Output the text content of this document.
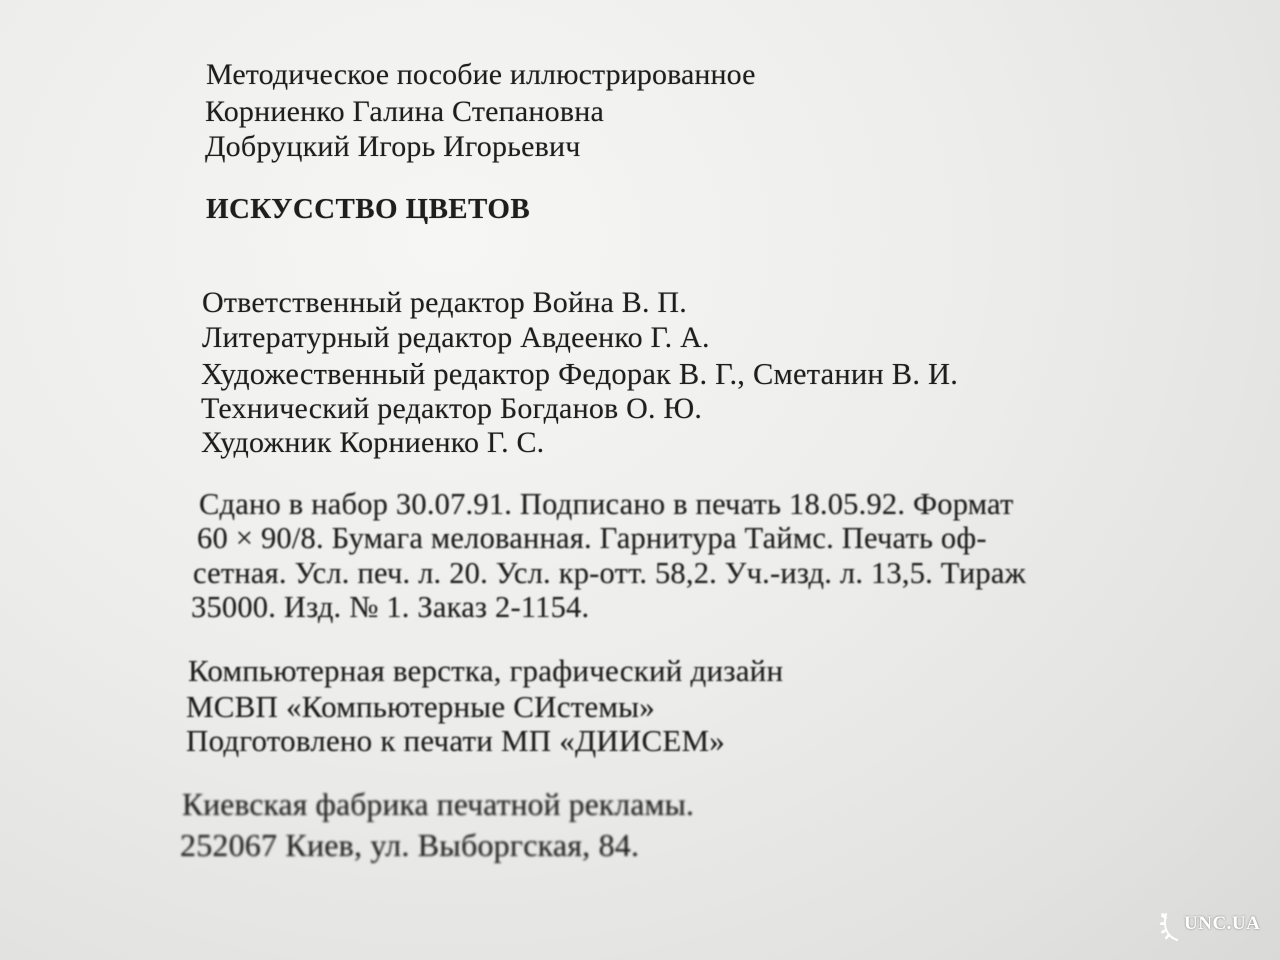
Методическое пособие иллюстрированное
Корниенко Галина Степановна
Добруцкий Игорь Игорьевич
ИСКУССТВО ЦВЕТОВ
Ответственный редактор Война В. П.
Литературный редактор Авдеенко Г. А.
Художественный редактор Федорак В. Г., Сметанин В. И.
Технический редактор Богданов О. Ю.
Художник Корниенко Г. С.
Сдано в набор 30.07.91. Подписано в печать 18.05.92. Формат
60 × 90/8. Бумага мелованная. Гарнитура Таймс. Печать оф-
сетная. Усл. печ. л. 20. Усл. кр-отт. 58,2. Уч.-изд. л. 13,5. Тираж
35000. Изд. № 1. Заказ 2-1154.
Компьютерная верстка, графический дизайн
МСВП «Компьютерные СИстемы»
Подготовлено к печати МП «ДИИСЕМ»
Киевская фабрика печатной рекламы.
252067 Киев, ул. Выборгская, 84.
UNC.UA
